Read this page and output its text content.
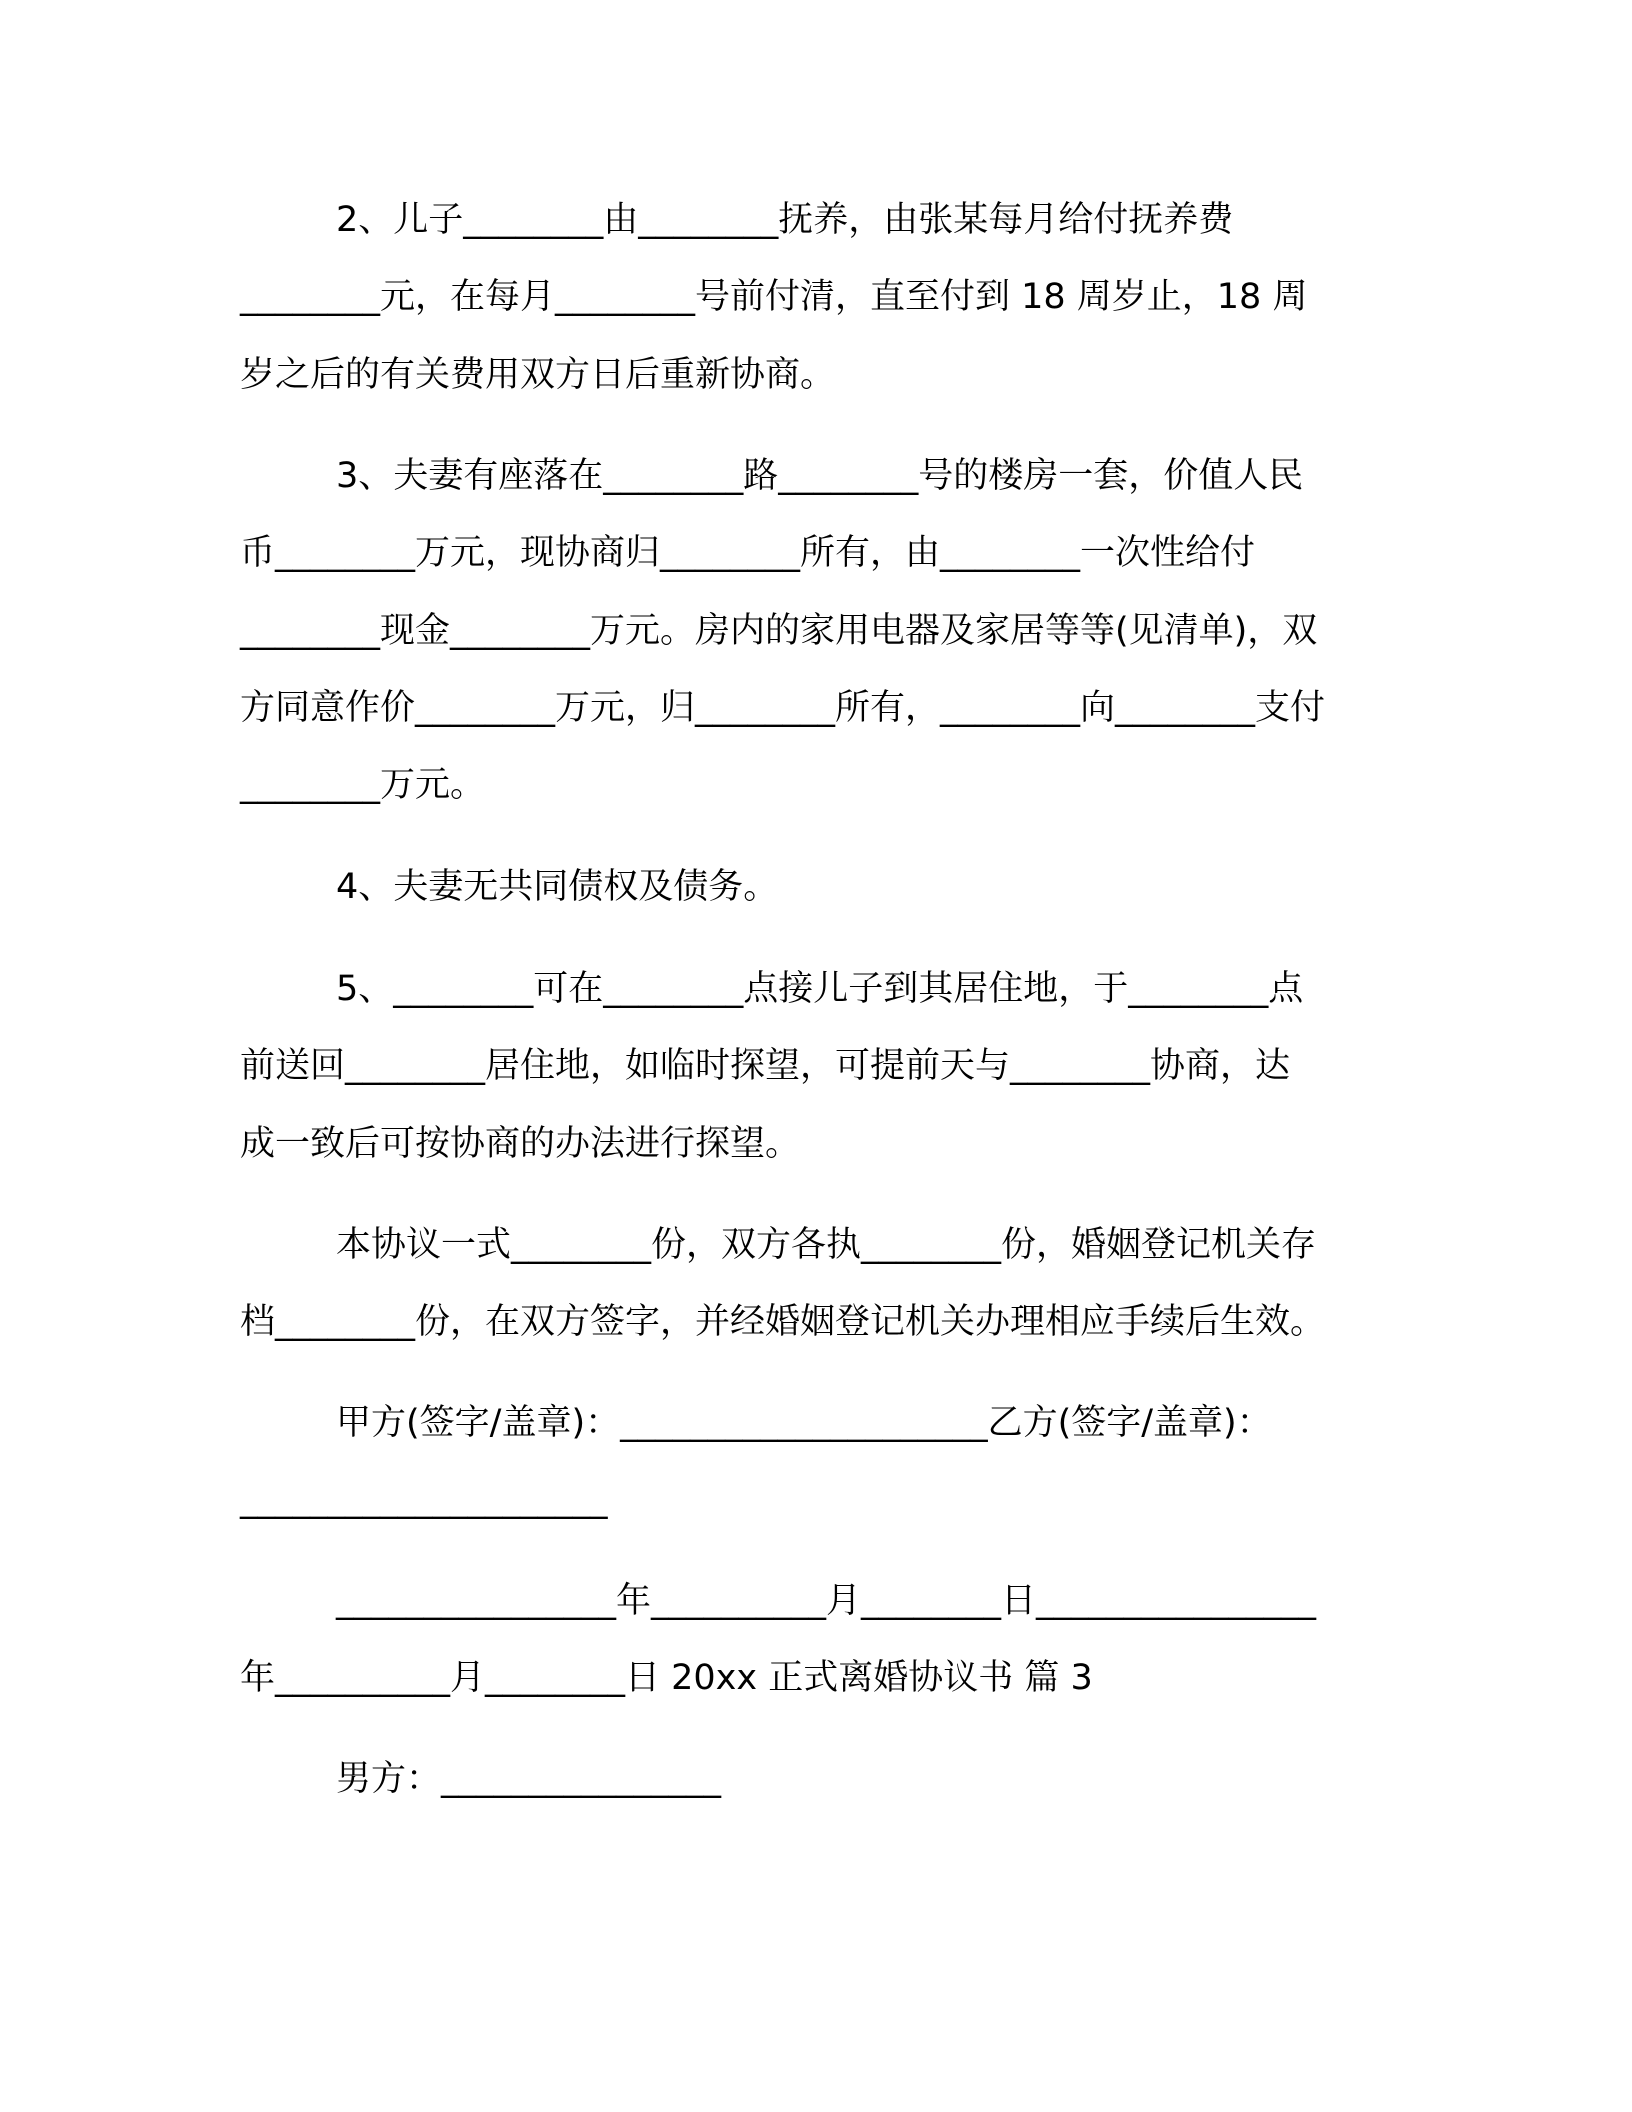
2、儿子________由________抚养，由张某每月给付抚养费
________元，在每月________号前付清，直至付到 18 周岁止，18 周
岁之后的有关费用双方日后重新协商。
3、夫妻有座落在________路________号的楼房一套，价值人民
币________万元，现协商归________所有，由________一次性给付
________现金________万元。房内的家用电器及家居等等(见清单)，双
方同意作价________万元，归________所有，________向________支付
________万元。
4、夫妻无共同债权及债务。
5、________可在________点接儿子到其居住地，于________点
前送回________居住地，如临时探望，可提前天与________协商，达
成一致后可按协商的办法进行探望。
本协议一式________份，双方各执________份，婚姻登记机关存
档________份，在双方签字，并经婚姻登记机关办理相应手续后生效。
甲方(签字/盖章)：_____________________乙方(签字/盖章)：
_____________________
________________年__________月________日________________
年__________月________日 20xx 正式离婚协议书 篇 3
男方：________________
